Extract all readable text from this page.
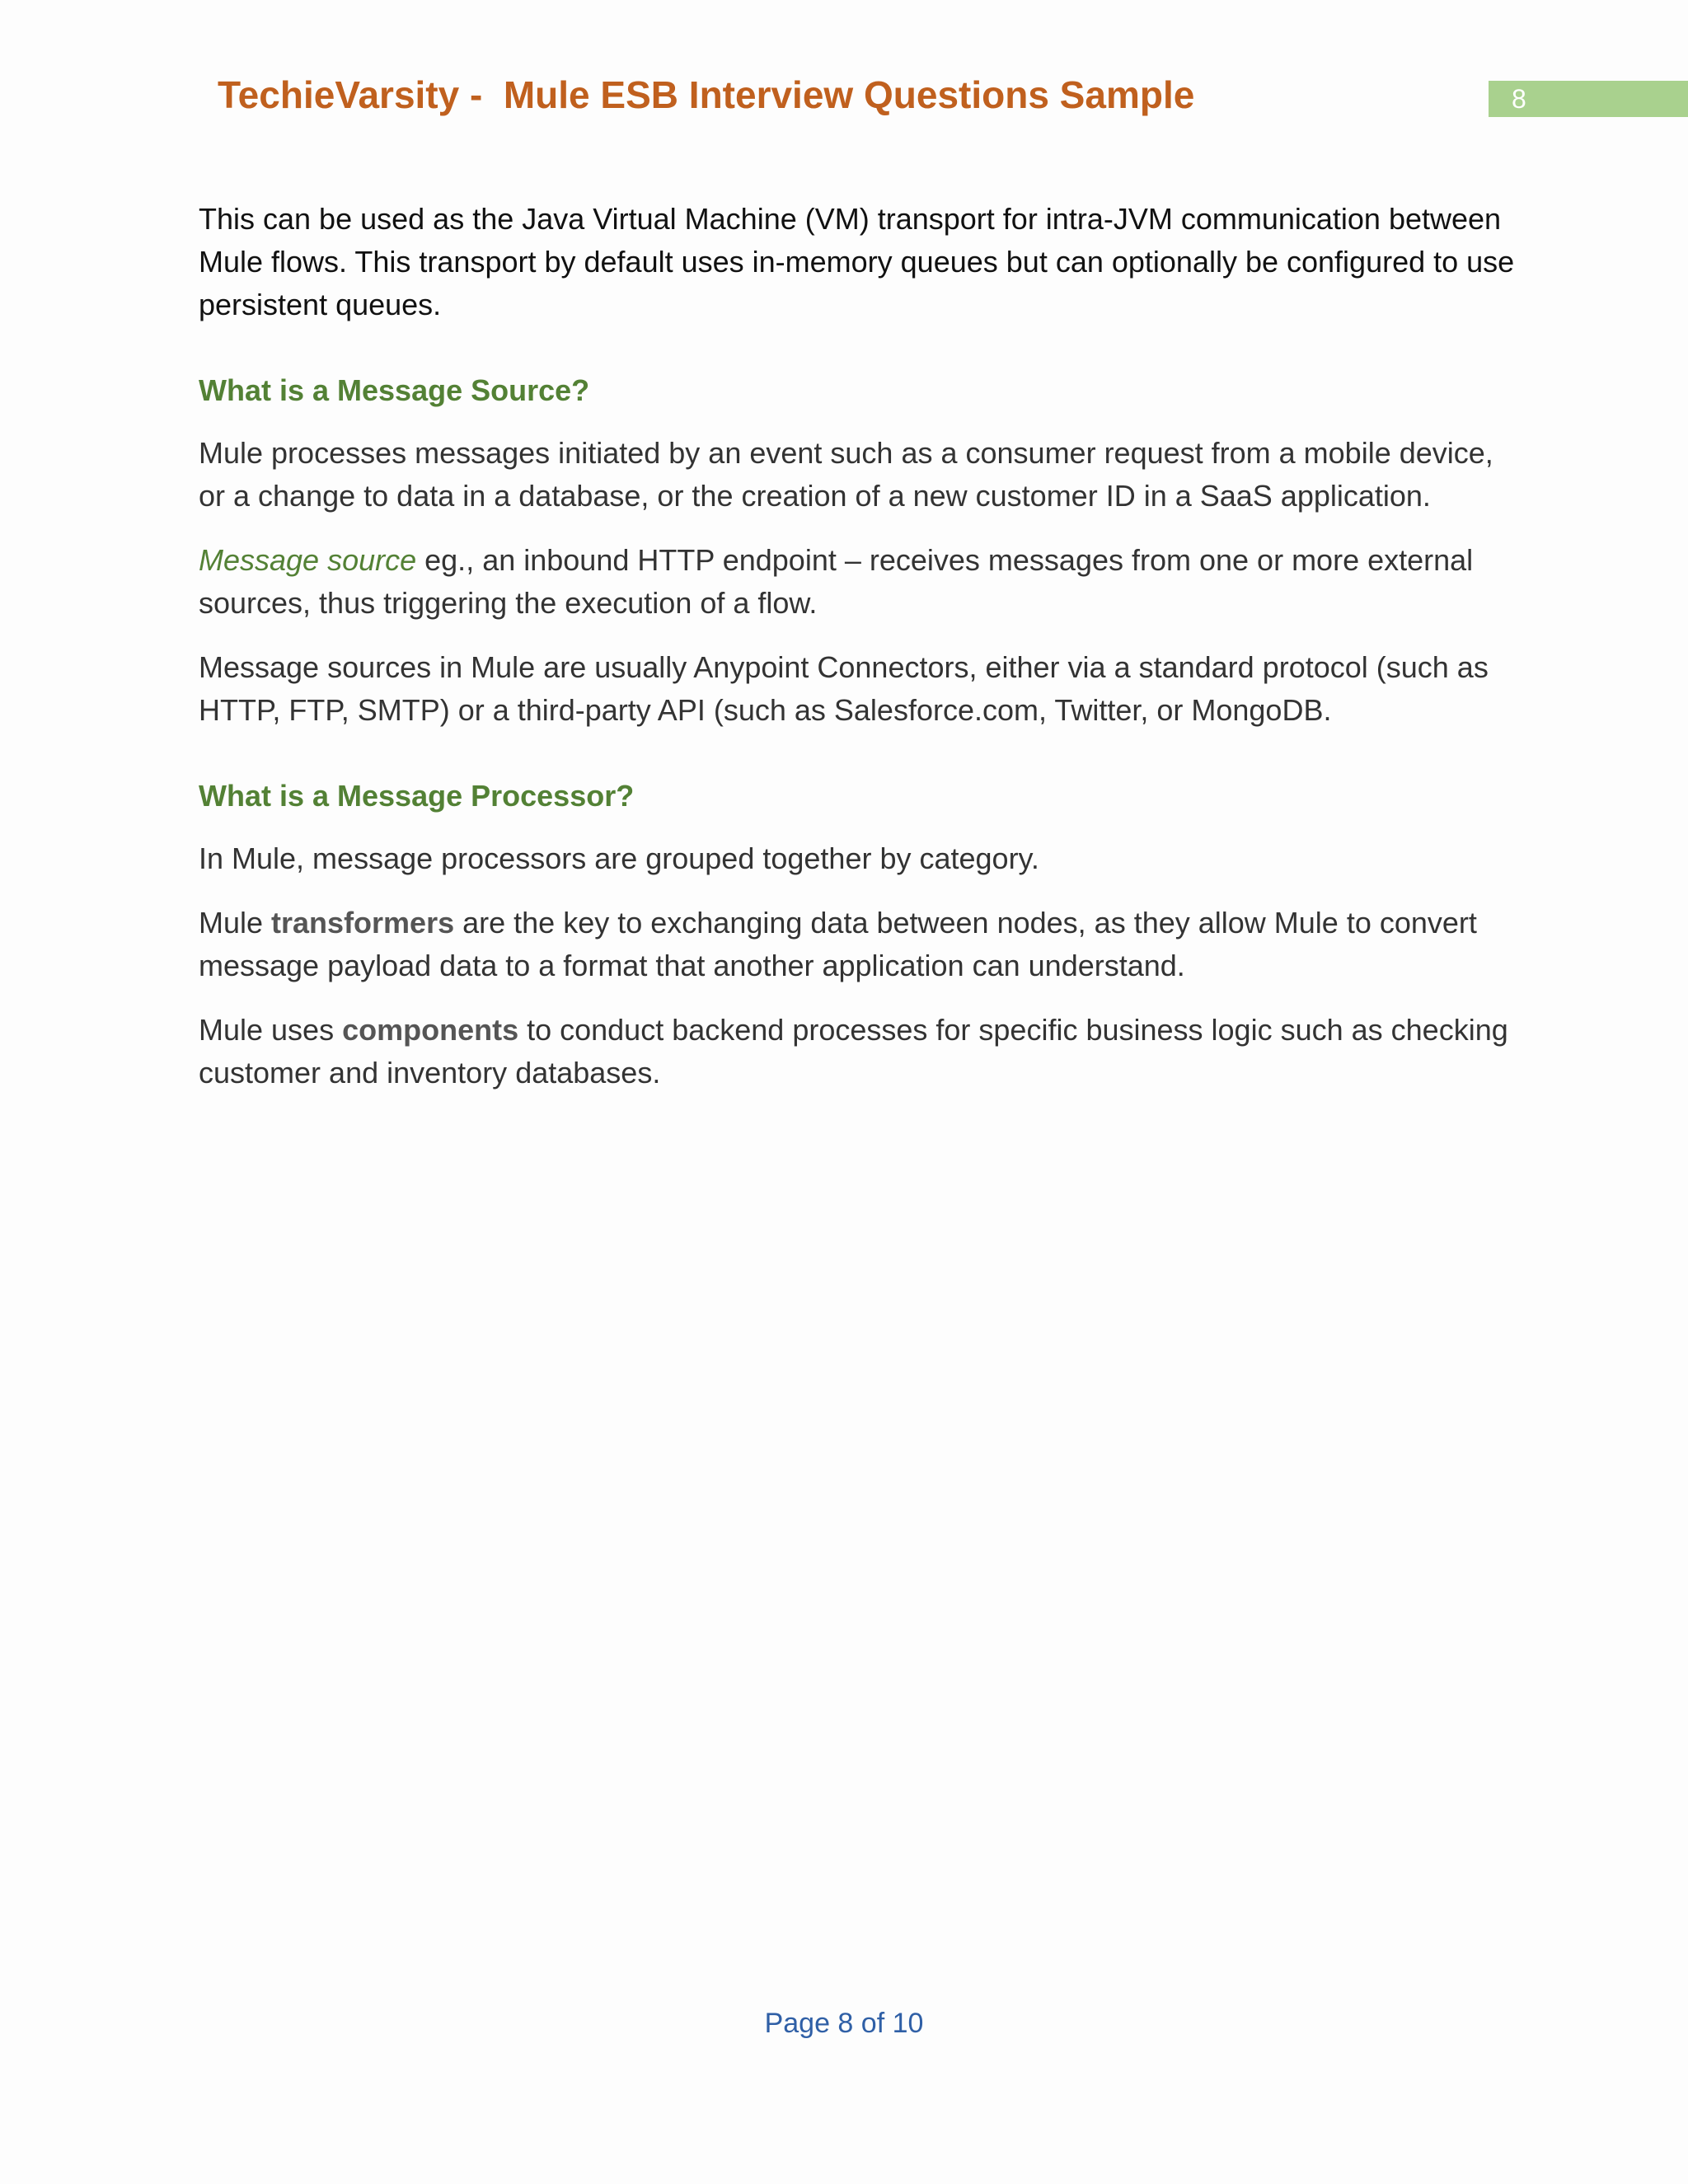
TechieVarsity -  Mule ESB Interview Questions Sample	8

This can be used as the Java Virtual Machine (VM) transport for intra-JVM communication between Mule flows. This transport by default uses in-memory queues but can optionally be configured to use persistent queues.

What is a Message Source?

Mule processes messages initiated by an event such as a consumer request from a mobile device, or a change to data in a database, or the creation of a new customer ID in a SaaS application.

Message source eg., an inbound HTTP endpoint – receives messages from one or more external sources, thus triggering the execution of a flow.

Message sources in Mule are usually Anypoint Connectors, either via a standard protocol (such as HTTP, FTP, SMTP) or a third-party API (such as Salesforce.com, Twitter, or MongoDB.

What is a Message Processor?

In Mule, message processors are grouped together by category.

Mule transformers are the key to exchanging data between nodes, as they allow Mule to convert message payload data to a format that another application can understand.

Mule uses components to conduct backend processes for specific business logic such as checking customer and inventory databases.

Page 8 of 10
